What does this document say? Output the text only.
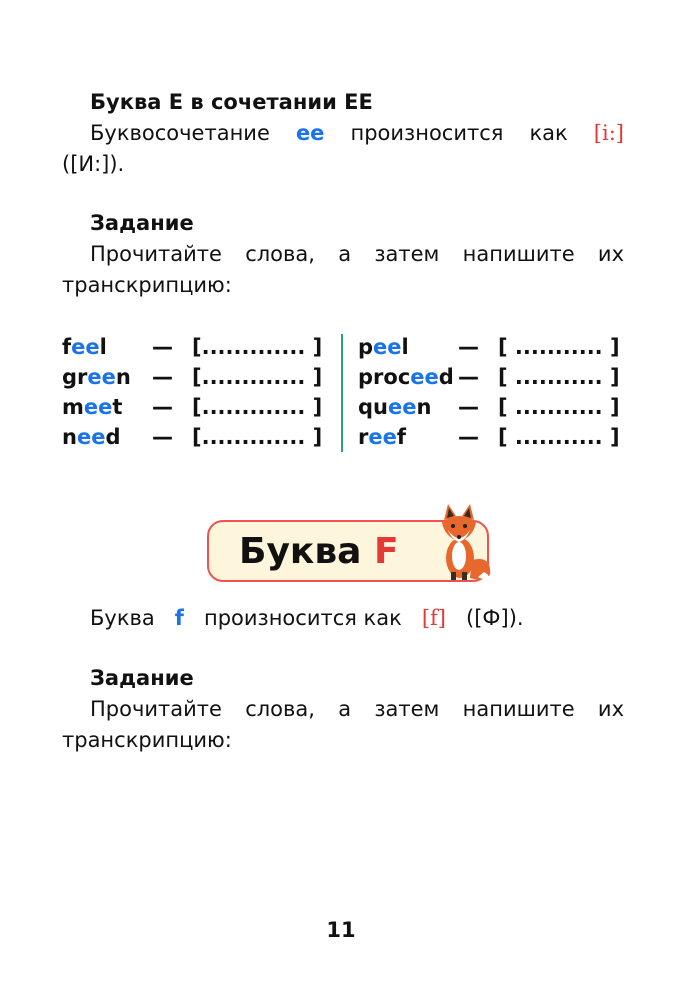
Буква E в сочетании EE
Буквосочетание ee произносится как [i:]
([И:]).
Задание
Прочитайте слова, а затем напишите их
транскрипцию:
feel — [............. ]
green — [............. ]
meet — [............. ]
need — [............. ]
peel — [ ........... ]
proceed — [ ........... ]
queen — [ ........... ]
reef — [ ........... ]
Буква F
Буква f произносится как [f] ([Ф]).
Задание
Прочитайте слова, а затем напишите их
транскрипцию:
11
